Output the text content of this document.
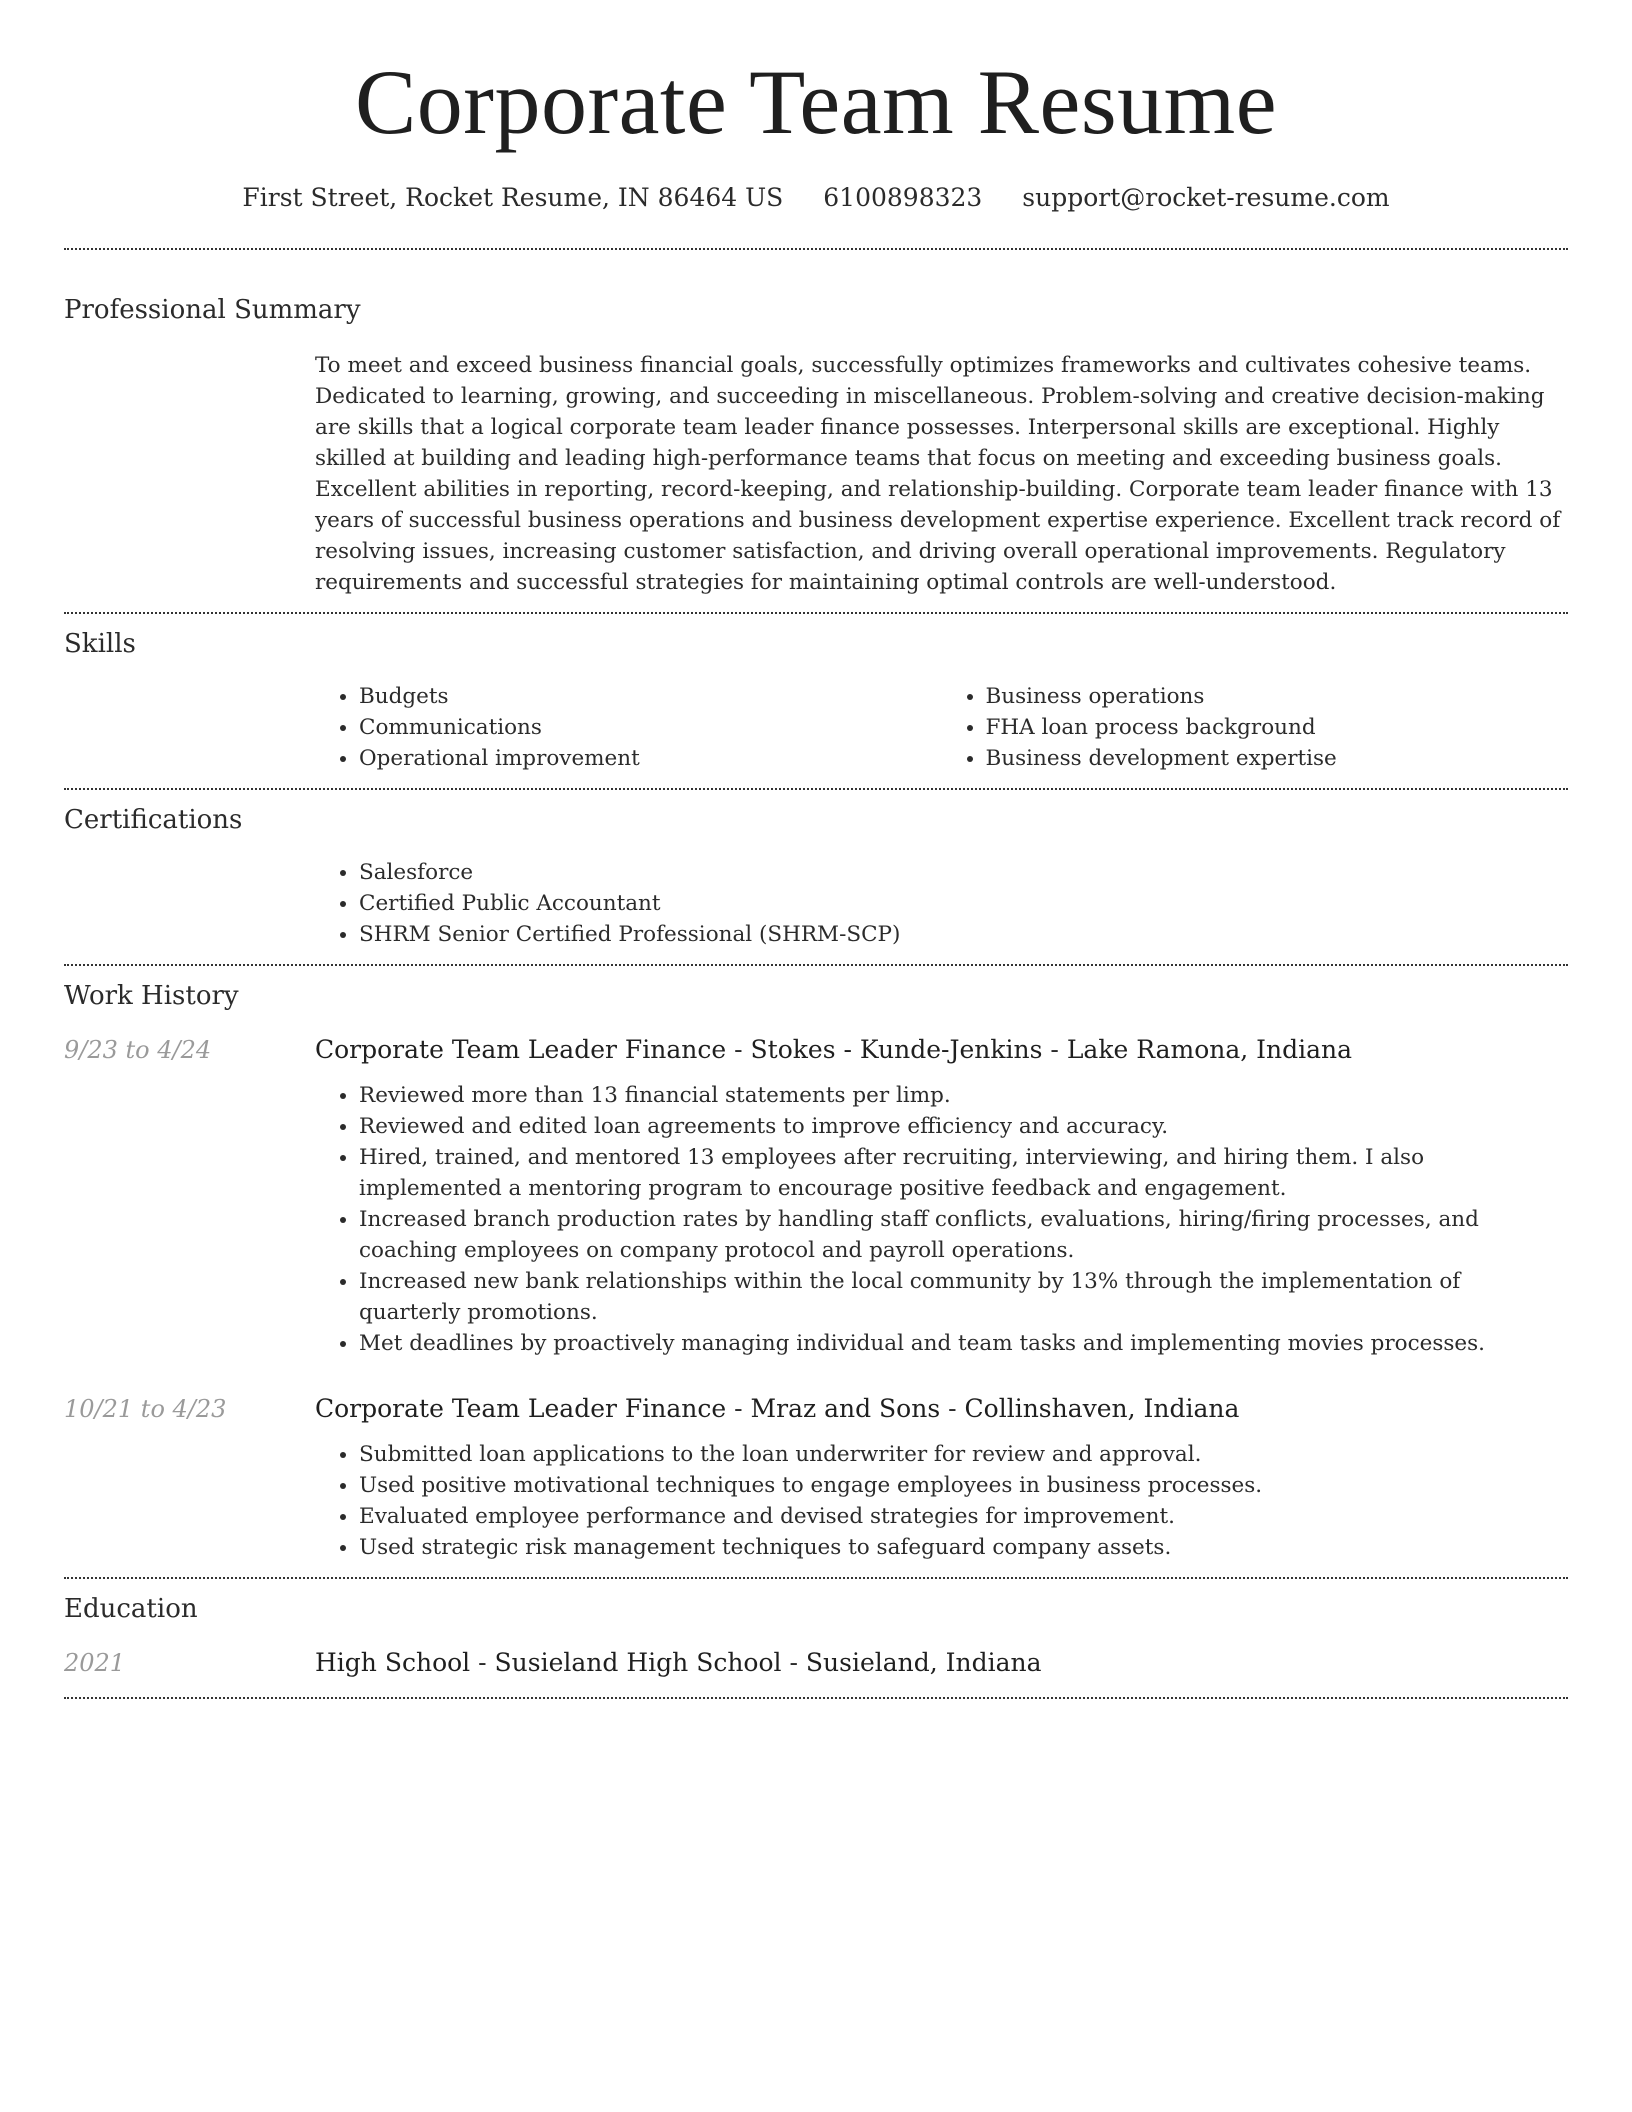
Corporate Team Resume
First Street, Rocket Resume, IN 86464 US 6100898323 support@rocket-resume.com
Professional Summary

To meet and exceed business financial goals, successfully optimizes frameworks and cultivates cohesive teams. Dedicated to learning, growing, and succeeding in miscellaneous. Problem-solving and creative decision-making are skills that a logical corporate team leader finance possesses. Interpersonal skills are exceptional. Highly skilled at building and leading high-performance teams that focus on meeting and exceeding business goals. Excellent abilities in reporting, record-keeping, and relationship-building. Corporate team leader finance with 13 years of successful business operations and business development expertise experience. Excellent track record of resolving issues, increasing customer satisfaction, and driving overall operational improvements. Regulatory requirements and successful strategies for maintaining optimal controls are well-understood.

Skills
• Budgets
• Communications
• Operational improvement
• Business operations
• FHA loan process background
• Business development expertise
Certifications
• Salesforce
• Certified Public Accountant
• SHRM Senior Certified Professional (SHRM-SCP)
Work History
9/23 to 4/24	Corporate Team Leader Finance - Stokes - Kunde-Jenkins - Lake Ramona, Indiana
• Reviewed more than 13 financial statements per limp.
• Reviewed and edited loan agreements to improve efficiency and accuracy.
• Hired, trained, and mentored 13 employees after recruiting, interviewing, and hiring them. I also implemented a mentoring program to encourage positive feedback and engagement.
• Increased branch production rates by handling staff conflicts, evaluations, hiring/firing processes, and coaching employees on company protocol and payroll operations.
• Increased new bank relationships within the local community by 13% through the implementation of quarterly promotions.
• Met deadlines by proactively managing individual and team tasks and implementing movies processes.
10/21 to 4/23	Corporate Team Leader Finance - Mraz and Sons - Collinshaven, Indiana
• Submitted loan applications to the loan underwriter for review and approval.
• Used positive motivational techniques to engage employees in business processes.
• Evaluated employee performance and devised strategies for improvement.
• Used strategic risk management techniques to safeguard company assets.
Education
2021	High School - Susieland High School - Susieland, Indiana
